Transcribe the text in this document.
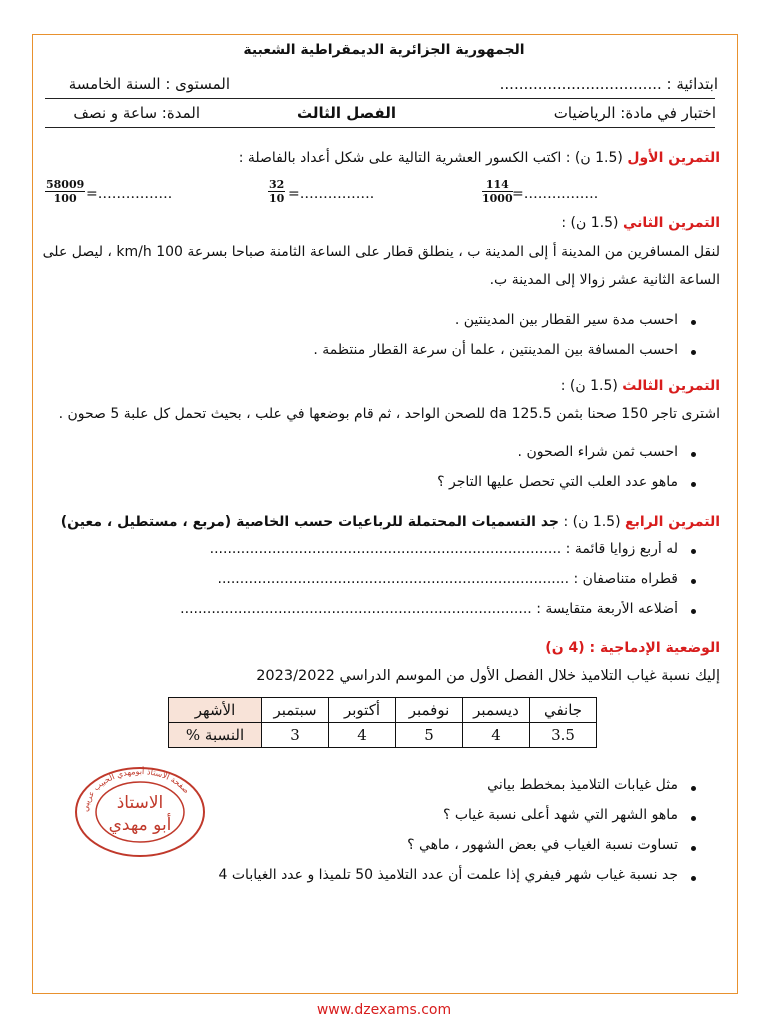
الجمهورية الجزائرية الديمقراطية الشعبية
ابتدائية : ..................................
المستوى : السنة الخامسة
اختبار في مادة: الرياضيات
الفصل الثالث
المدة: ساعة و نصف
التمرين الأول (1.5 ن) : اكتب الكسور العشرية التالية على شكل أعداد بالفاصلة :
$\frac{114}{1000}$ =…………….
$\frac{32}{10}$ =…………….
$\frac{58009}{100}$ =…………….
التمرين الثاني (1.5 ن) :
لنقل المسافرين من المدينة أ إلى المدينة ب ، ينطلق قطار على الساعة الثامنة صباحا بسرعة 100 km/h ، ليصل على
الساعة الثانية عشر زوالا إلى المدينة ب.
احسب مدة سير القطار بين المدينتين .
احسب المسافة بين المدينتين ، علما أن سرعة القطار منتظمة .
التمرين الثالث (1.5 ن) :
اشترى تاجر 150 صحنا بثمن 125.5 da للصحن الواحد ، ثم قام بوضعها في علب ، بحيث تحمل كل علبة 5 صحون .
احسب ثمن شراء الصحون .
ماهو عدد العلب التي تحصل عليها التاجر ؟
التمرين الرابع (1.5 ن) : جد التسميات المحتملة للرباعيات حسب الخاصية (مربع ، مستطيل ، معين)
له أربع زوايا قائمة : ...............................................................................
قطراه متناصفان : ...............................................................................
أضلاعه الأربعة متقايسة : ...............................................................................
الوضعية الإدماجية : (4 ن)
إليك نسبة غياب التلاميذ خلال الفصل الأول من الموسم الدراسي 2023/2022
جانفي	ديسمبر	نوفمبر	أكتوبر	سبتمبر	الأشهر
3.5	4	5	4	3	النسبة %
مثل غيابات التلاميذ بمخطط بياني
ماهو الشهر التي شهد أعلى نسبة غياب ؟
تساوت نسبة الغياب في بعض الشهور ، ماهي ؟
جد نسبة غياب شهر فيفري إذا علمت أن عدد التلاميذ 50 تلميذا و عدد الغيابات 4
صفحة الأستاذ أبومهدي الحبيب عريبي
الاستاذ
أبو مهدي
www.dzexams.com
